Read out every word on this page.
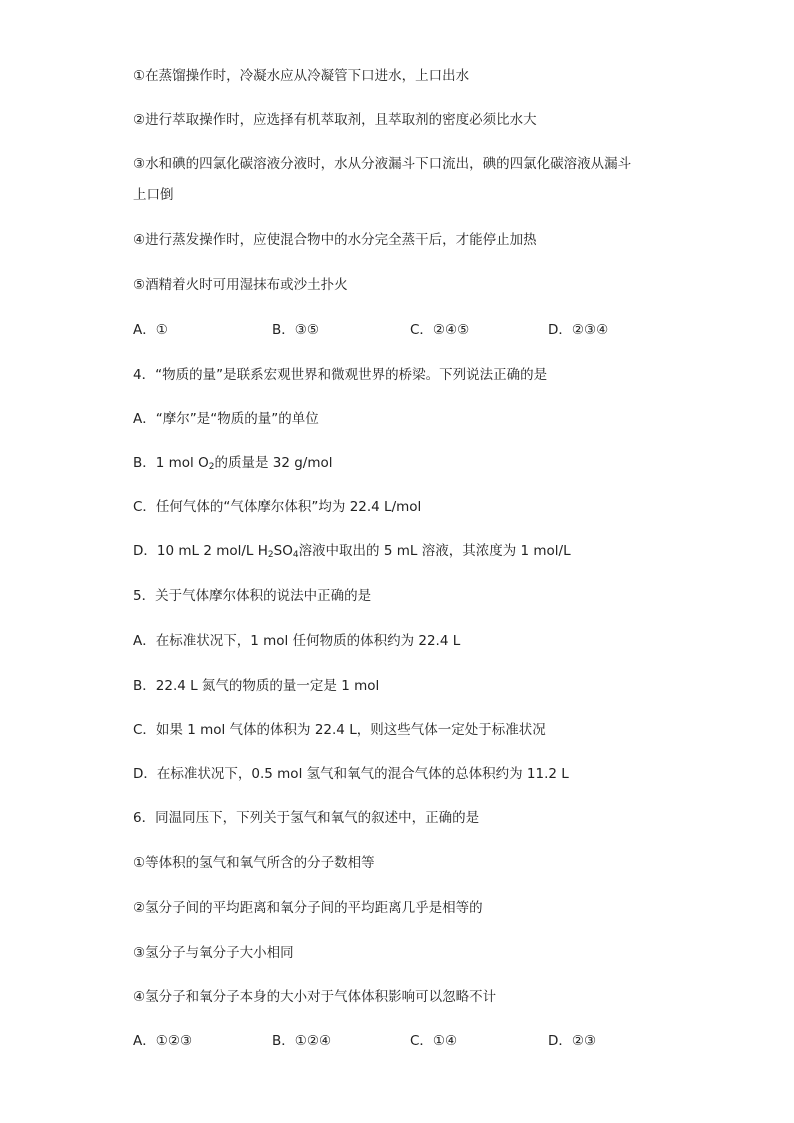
①在蒸馏操作时，冷凝水应从冷凝管下口进水，上口出水
②进行萃取操作时，应选择有机萃取剂，且萃取剂的密度必须比水大
③水和碘的四氯化碳溶液分液时，水从分液漏斗下口流出，碘的四氯化碳溶液从漏斗
上口倒
④进行蒸发操作时，应使混合物中的水分完全蒸干后，才能停止加热
⑤酒精着火时可用湿抹布或沙土扑火
A．①	B．③⑤	C．②④⑤	D．②③④
4．“物质的量”是联系宏观世界和微观世界的桥梁。下列说法正确的是
A．“摩尔”是“物质的量”的单位
B．1 mol $O_2$的质量是 32 g/mol
C．任何气体的“气体摩尔体积”均为 22.4 L/mol
D．10 mL 2 mol/L $H_2SO_4$溶液中取出的 5 mL 溶液，其浓度为 1 mol/L
5．关于气体摩尔体积的说法中正确的是
A．在标准状况下，1 mol 任何物质的体积约为 22.4 L
B．22.4 L 氮气的物质的量一定是 1 mol
C．如果 1 mol 气体的体积为 22.4 L，则这些气体一定处于标准状况
D．在标准状况下，0.5 mol 氢气和氧气的混合气体的总体积约为 11.2 L
6．同温同压下，下列关于氢气和氧气的叙述中，正确的是
①等体积的氢气和氧气所含的分子数相等
②氢分子间的平均距离和氧分子间的平均距离几乎是相等的
③氢分子与氧分子大小相同
④氢分子和氧分子本身的大小对于气体体积影响可以忽略不计
A．①②③	B．①②④	C．①④	D．②③
